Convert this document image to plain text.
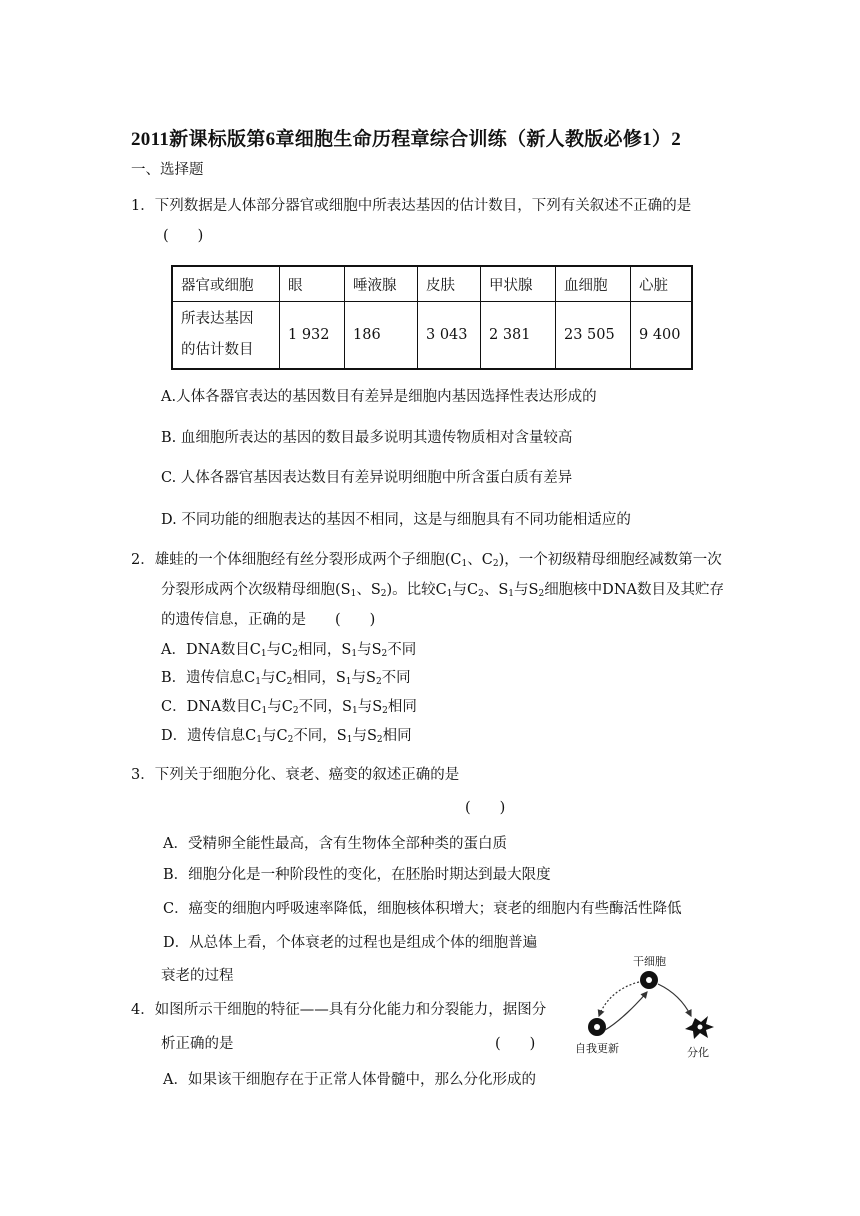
2011新课标版第6章细胞生命历程章综合训练（新人教版必修1）2
一、选择题
1．下列数据是人体部分器官或细胞中所表达基因的估计数目，下列有关叙述不正确的是
(　　)
器官或细胞	眼	唾液腺	皮肤	甲状腺	血细胞	心脏
所表达基因
的估计数目	1 932	186	3 043	2 381	23 505	9 400
A.人体各器官表达的基因数目有差异是细胞内基因选择性表达形成的
B. 血细胞所表达的基因的数目最多说明其遗传物质相对含量较高
C. 人体各器官基因表达数目有差异说明细胞中所含蛋白质有差异
D. 不同功能的细胞表达的基因不相同，这是与细胞具有不同功能相适应的
2．雄蛙的一个体细胞经有丝分裂形成两个子细胞($C_1$、$C_2$)，一个初级精母细胞经减数第一次
分裂形成两个次级精母细胞($S_1$、$S_2$)。比较$C_1$与$C_2$、$S_1$与$S_2$细胞核中DNA数目及其贮存
的遗传信息，正确的是　　(　　)
A．DNA数目$C_1$与$C_2$相同，$S_1$与$S_2$不同
B．遗传信息$C_1$与$C_2$相同，$S_1$与$S_2$不同
C．DNA数目$C_1$与$C_2$不同，$S_1$与$S_2$相同
D．遗传信息$C_1$与$C_2$不同，$S_1$与$S_2$相同
3．下列关于细胞分化、衰老、癌变的叙述正确的是
(　　)
A．受精卵全能性最高，含有生物体全部种类的蛋白质
B．细胞分化是一种阶段性的变化，在胚胎时期达到最大限度
C．癌变的细胞内呼吸速率降低，细胞核体积增大；衰老的细胞内有些酶活性降低
D．从总体上看，个体衰老的过程也是组成个体的细胞普遍
衰老的过程
4．如图所示干细胞的特征——具有分化能力和分裂能力，据图分
析正确的是	(　　)
A．如果该干细胞存在于正常人体骨髓中，那么分化形成的
干细胞
自我更新	分化
